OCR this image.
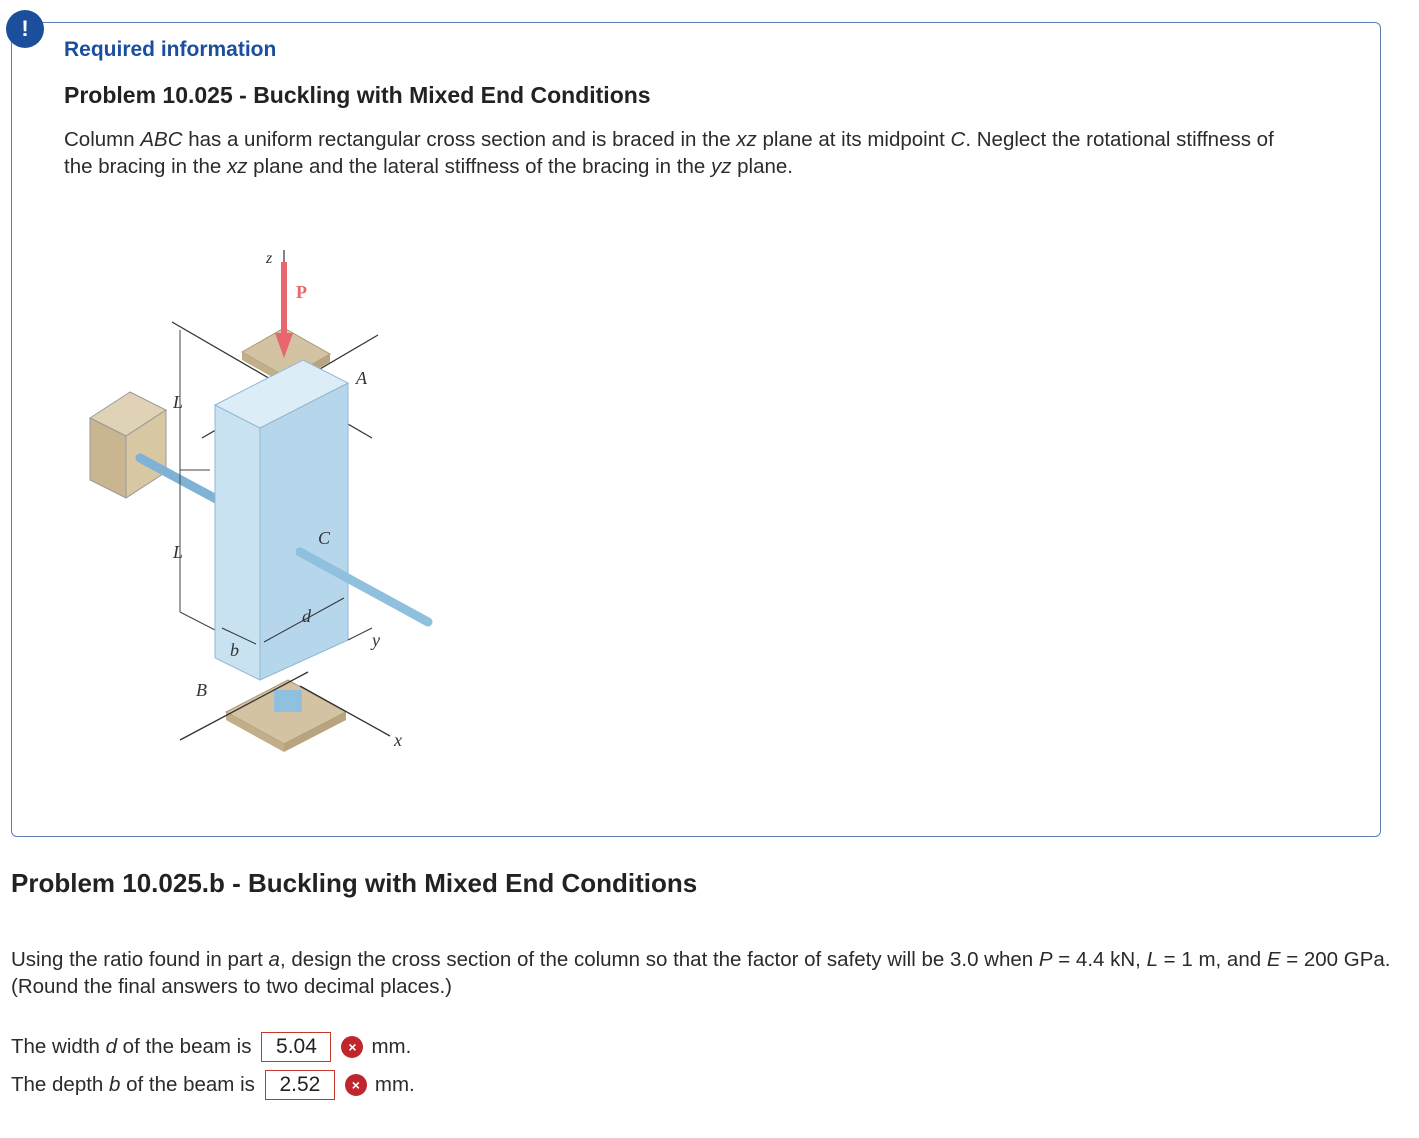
!
Required information
Problem 10.025 - Buckling with Mixed End Conditions
Column ABC has a uniform rectangular cross section and is braced in the xz plane at its midpoint C. Neglect the rotational stiffness of the bracing in the xz plane and the lateral stiffness of the bracing in the yz plane.
z
P
A
L
L
C
d
b	y
B
x
Problem 10.025.b - Buckling with Mixed End Conditions
Using the ratio found in part a, design the cross section of the column so that the factor of safety will be 3.0 when P = 4.4 kN, L = 1 m, and E = 200 GPa. (Round the final answers to two decimal places.)
The width d of the beam is
5.04	× mm.
The depth b of the beam is
2.52	× mm.
